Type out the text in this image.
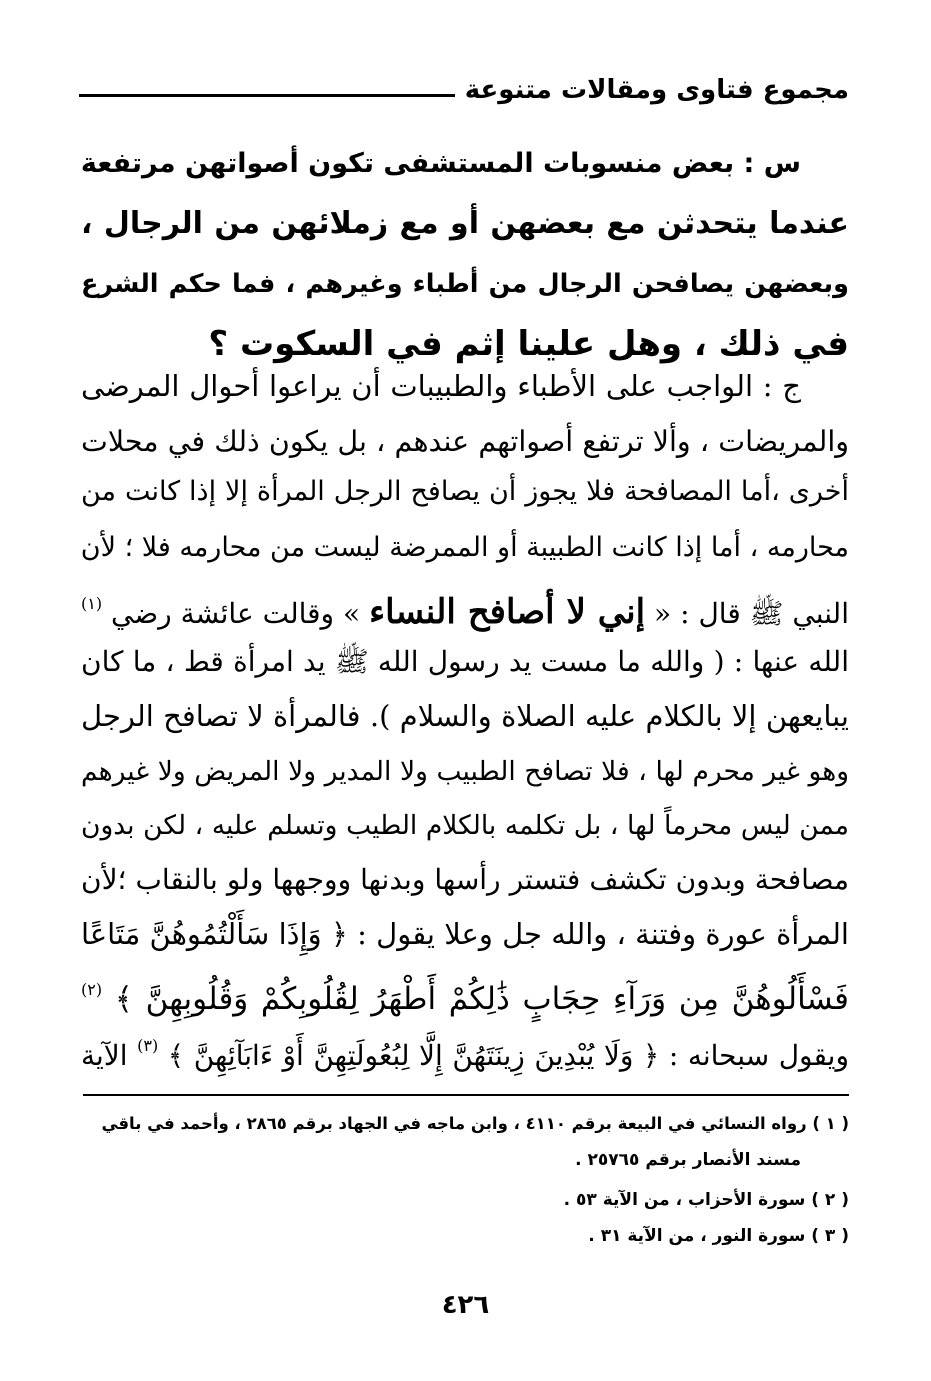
مجموع فتاوى ومقالات متنوعة
س : بعض منسوبات المستشفى تكون أصواتهن مرتفعة
عندما يتحدثن مع بعضهن أو مع زملائهن من الرجال ،
وبعضهن يصافحن الرجال من أطباء وغيرهم ، فما حكم الشرع
في ذلك ، وهل علينا إثم في السكوت ؟
ج : الواجب على الأطباء والطبيبات أن يراعوا أحوال المرضى
والمريضات ، وألا ترتفع أصواتهم عندهم ، بل يكون ذلك في محلات
أخرى ،أما المصافحة فلا يجوز أن يصافح الرجل المرأة إلا إذا كانت من
محارمه ، أما إذا كانت الطبيبة أو الممرضة ليست من محارمه فلا ؛ لأن
النبي ﷺ قال : « إني لا أصافح النساء » وقالت عائشة رضي $^{(١)}$
الله عنها : ( والله ما مست يد رسول الله ﷺ يد امرأة قط ، ما كان
يبايعهن إلا بالكلام عليه الصلاة والسلام ). فالمرأة لا تصافح الرجل
وهو غير محرم لها ، فلا تصافح الطبيب ولا المدير ولا المريض ولا غيرهم
ممن ليس محرماً لها ، بل تكلمه بالكلام الطيب وتسلم عليه ، لكن بدون
مصافحة وبدون تكشف فتستر رأسها وبدنها ووجهها ولو بالنقاب ؛لأن
المرأة عورة وفتنة ، والله جل وعلا يقول : ﴿ وَإِذَا سَأَلْتُمُوهُنَّ مَتَاعًا
فَسْأَلُوهُنَّ مِن وَرَآءِ حِجَابٍ ذَٰلِكُمْ أَطْهَرُ لِقُلُوبِكُمْ وَقُلُوبِهِنَّ ﴾ $^{(٢)}$
ويقول سبحانه : ﴿ وَلَا يُبْدِينَ زِينَتَهُنَّ إِلَّا لِبُعُولَتِهِنَّ أَوْ ءَابَآئِهِنَّ ﴾ $^{(٣)}$ الآية
( ١ ) رواه النسائي في البيعة برقم ٤١١٠ ، وابن ماجه في الجهاد برقم ٢٨٦٥ ، وأحمد في باقي
مسند الأنصار برقم ٢٥٧٦٥ .
( ٢ ) سورة الأحزاب ، من الآية ٥٣ .
( ٣ ) سورة النور ، من الآية ٣١ .
٤٢٦
